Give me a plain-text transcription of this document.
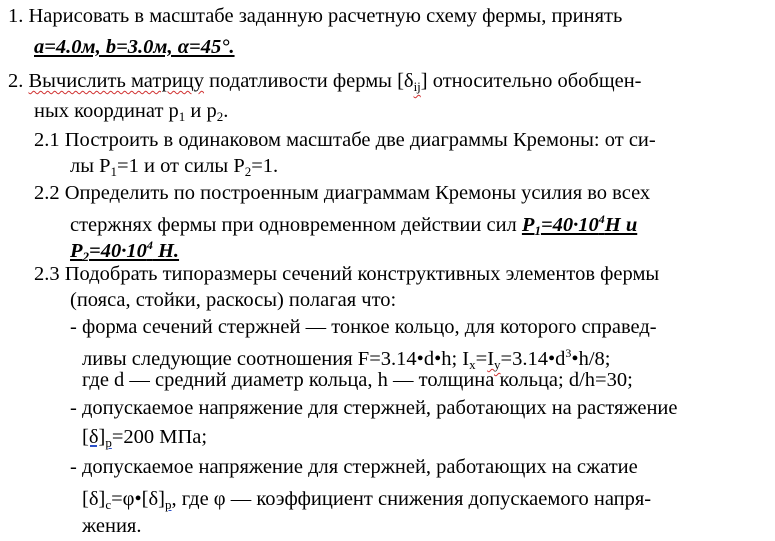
1. Нарисовать в масштабе заданную расчетную схему фермы, принять
a=4.0м, b=3.0м, α=45°.
2. Вычислить матрицу податливости фермы $[\delta_{ij}]$ относительно обобщен-
ных координат $р_1$ и $р_2$.
2.1 Построить в одинаковом масштабе две диаграммы Кремоны: от си-
лы $P_1=1$ и от силы $P_2=1$.
2.2 Определить по построенным диаграммам Кремоны усилия во всех
стержнях фермы при одновременном действии сил $P_1=40\cdot 10^4Н$ и
$P_2=40\cdot 10^4$ Н.
2.3 Подобрать типоразмеры сечений конструктивных элементов фермы
(пояса, стойки, раскосы) полагая что:
- форма сечений стержней — тонкое кольцо, для которого справед-
ливы следующие соотношения F=3.14•d•h; $I_x=I_y=3.14•d^3•h/8$;
где d — средний диаметр кольца, h — толщина кольца; d/h=30;
- допускаемое напряжение для стержней, работающих на растяжение
$[\delta]_p=200$ МПа;
- допускаемое напряжение для стержней, работающих на сжатие
$[\delta]_c=\varphi•[\delta]_p$, где φ — коэффициент снижения допускаемого напря-
жения.
